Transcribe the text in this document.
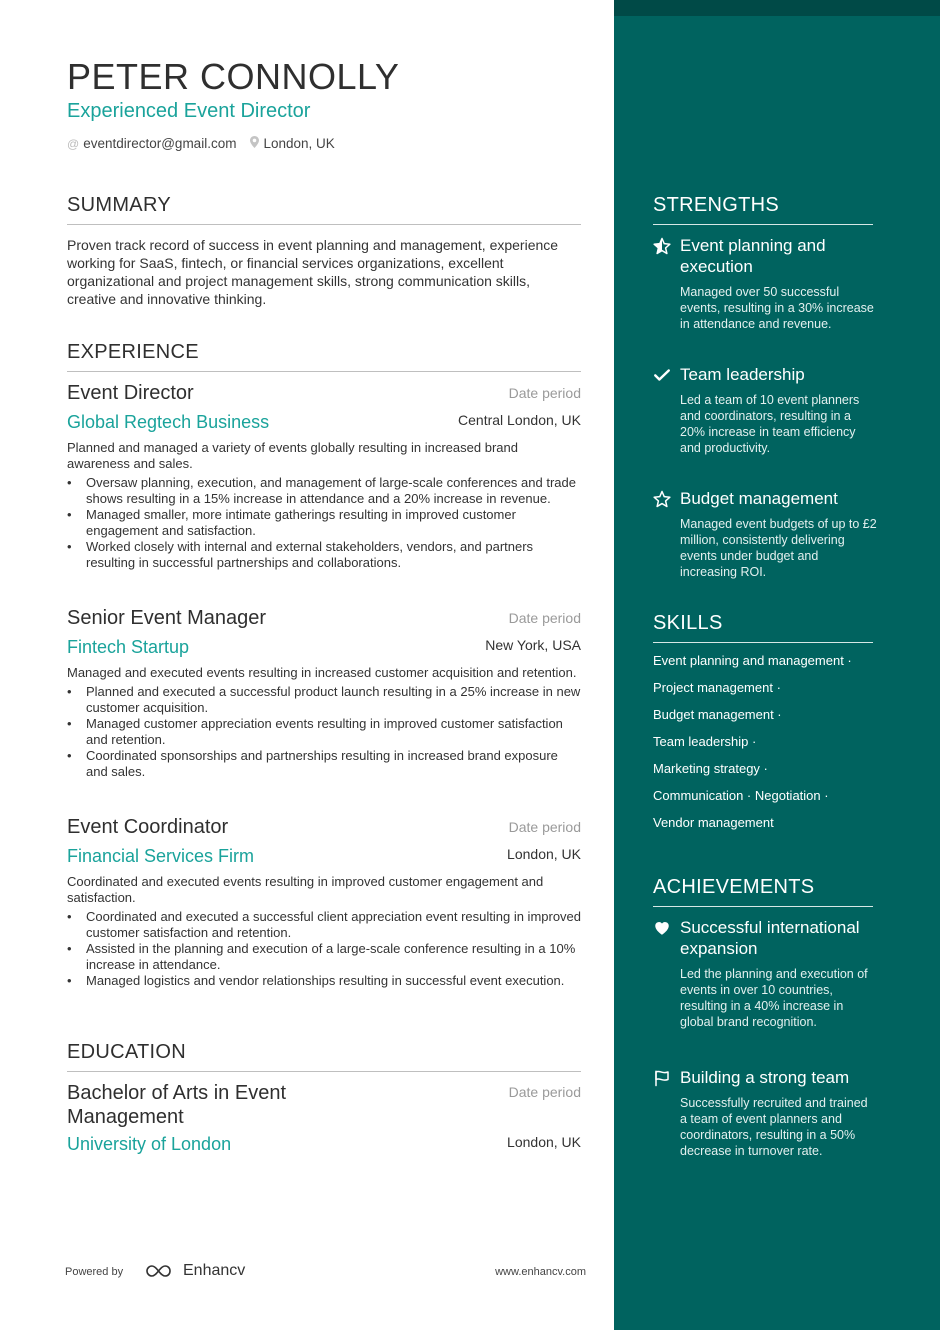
PETER CONNOLLY
Experienced Event Director
@ eventdirector@gmail.com London, UK
SUMMARY
Proven track record of success in event planning and management, experience working for SaaS, fintech, or financial services organizations, excellent organizational and project management skills, strong communication skills, creative and innovative thinking.
EXPERIENCE
Event Director	Date period
Global Regtech Business	Central London, UK
Planned and managed a variety of events globally resulting in increased brand awareness and sales.
• Oversaw planning, execution, and management of large-scale conferences and trade shows resulting in a 15% increase in attendance and a 20% increase in revenue.
• Managed smaller, more intimate gatherings resulting in improved customer engagement and satisfaction.
• Worked closely with internal and external stakeholders, vendors, and partners resulting in successful partnerships and collaborations.
Senior Event Manager	Date period
Fintech Startup	New York, USA
Managed and executed events resulting in increased customer acquisition and retention.
• Planned and executed a successful product launch resulting in a 25% increase in new customer acquisition.
• Managed customer appreciation events resulting in improved customer satisfaction and retention.
• Coordinated sponsorships and partnerships resulting in increased brand exposure and sales.
Event Coordinator	Date period
Financial Services Firm	London, UK
Coordinated and executed events resulting in improved customer engagement and satisfaction.
• Coordinated and executed a successful client appreciation event resulting in improved customer satisfaction and retention.
• Assisted in the planning and execution of a large-scale conference resulting in a 10% increase in attendance.
• Managed logistics and vendor relationships resulting in successful event execution.
EDUCATION
Bachelor of Arts in Event Management
Date period
University of London	London, UK
Powered by	Enhancv	www.enhancv.com
STRENGTHS
Event planning and execution
Managed over 50 successful events, resulting in a 30% increase in attendance and revenue.
Team leadership
Led a team of 10 event planners and coordinators, resulting in a 20% increase in team efficiency and productivity.
Budget management
Managed event budgets of up to £2 million, consistently delivering events under budget and increasing ROI.
SKILLS
Event planning and management ·
Project management ·
Budget management ·
Team leadership ·
Marketing strategy ·
Communication · Negotiation ·
Vendor management
ACHIEVEMENTS
Successful international expansion
Led the planning and execution of events in over 10 countries, resulting in a 40% increase in global brand recognition.
Building a strong team
Successfully recruited and trained a team of event planners and coordinators, resulting in a 50% decrease in turnover rate.
